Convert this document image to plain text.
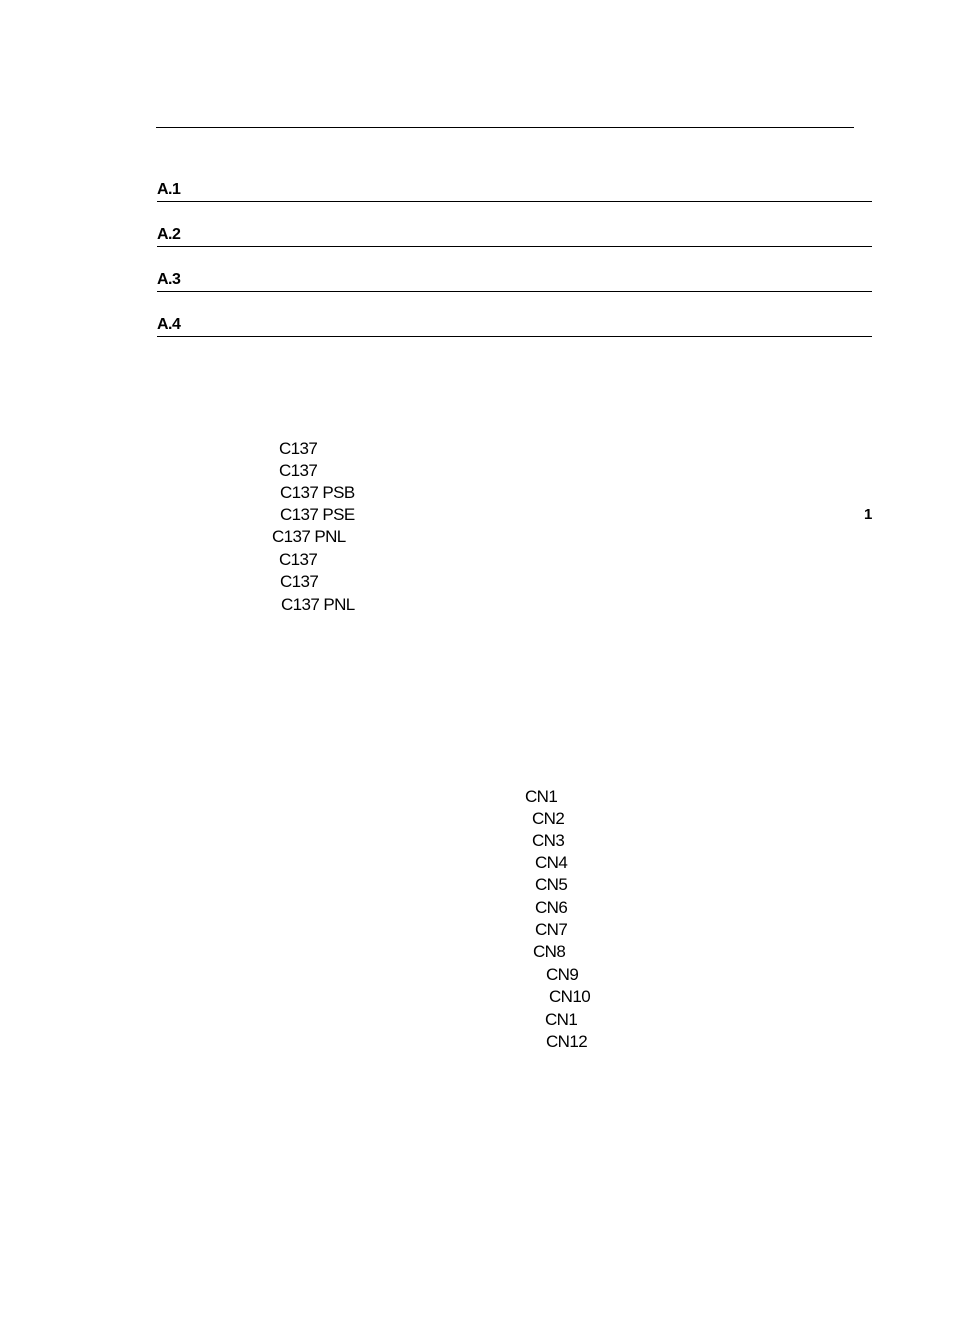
A.1
A.2
A.3
A.4
C137
C137
C137 PSB
C137 PSE
C137 PNL
C137
C137
C137 PNL
1
CN1
CN2
CN3
CN4
CN5
CN6
CN7
CN8
CN9
CN10
CN1
CN12
